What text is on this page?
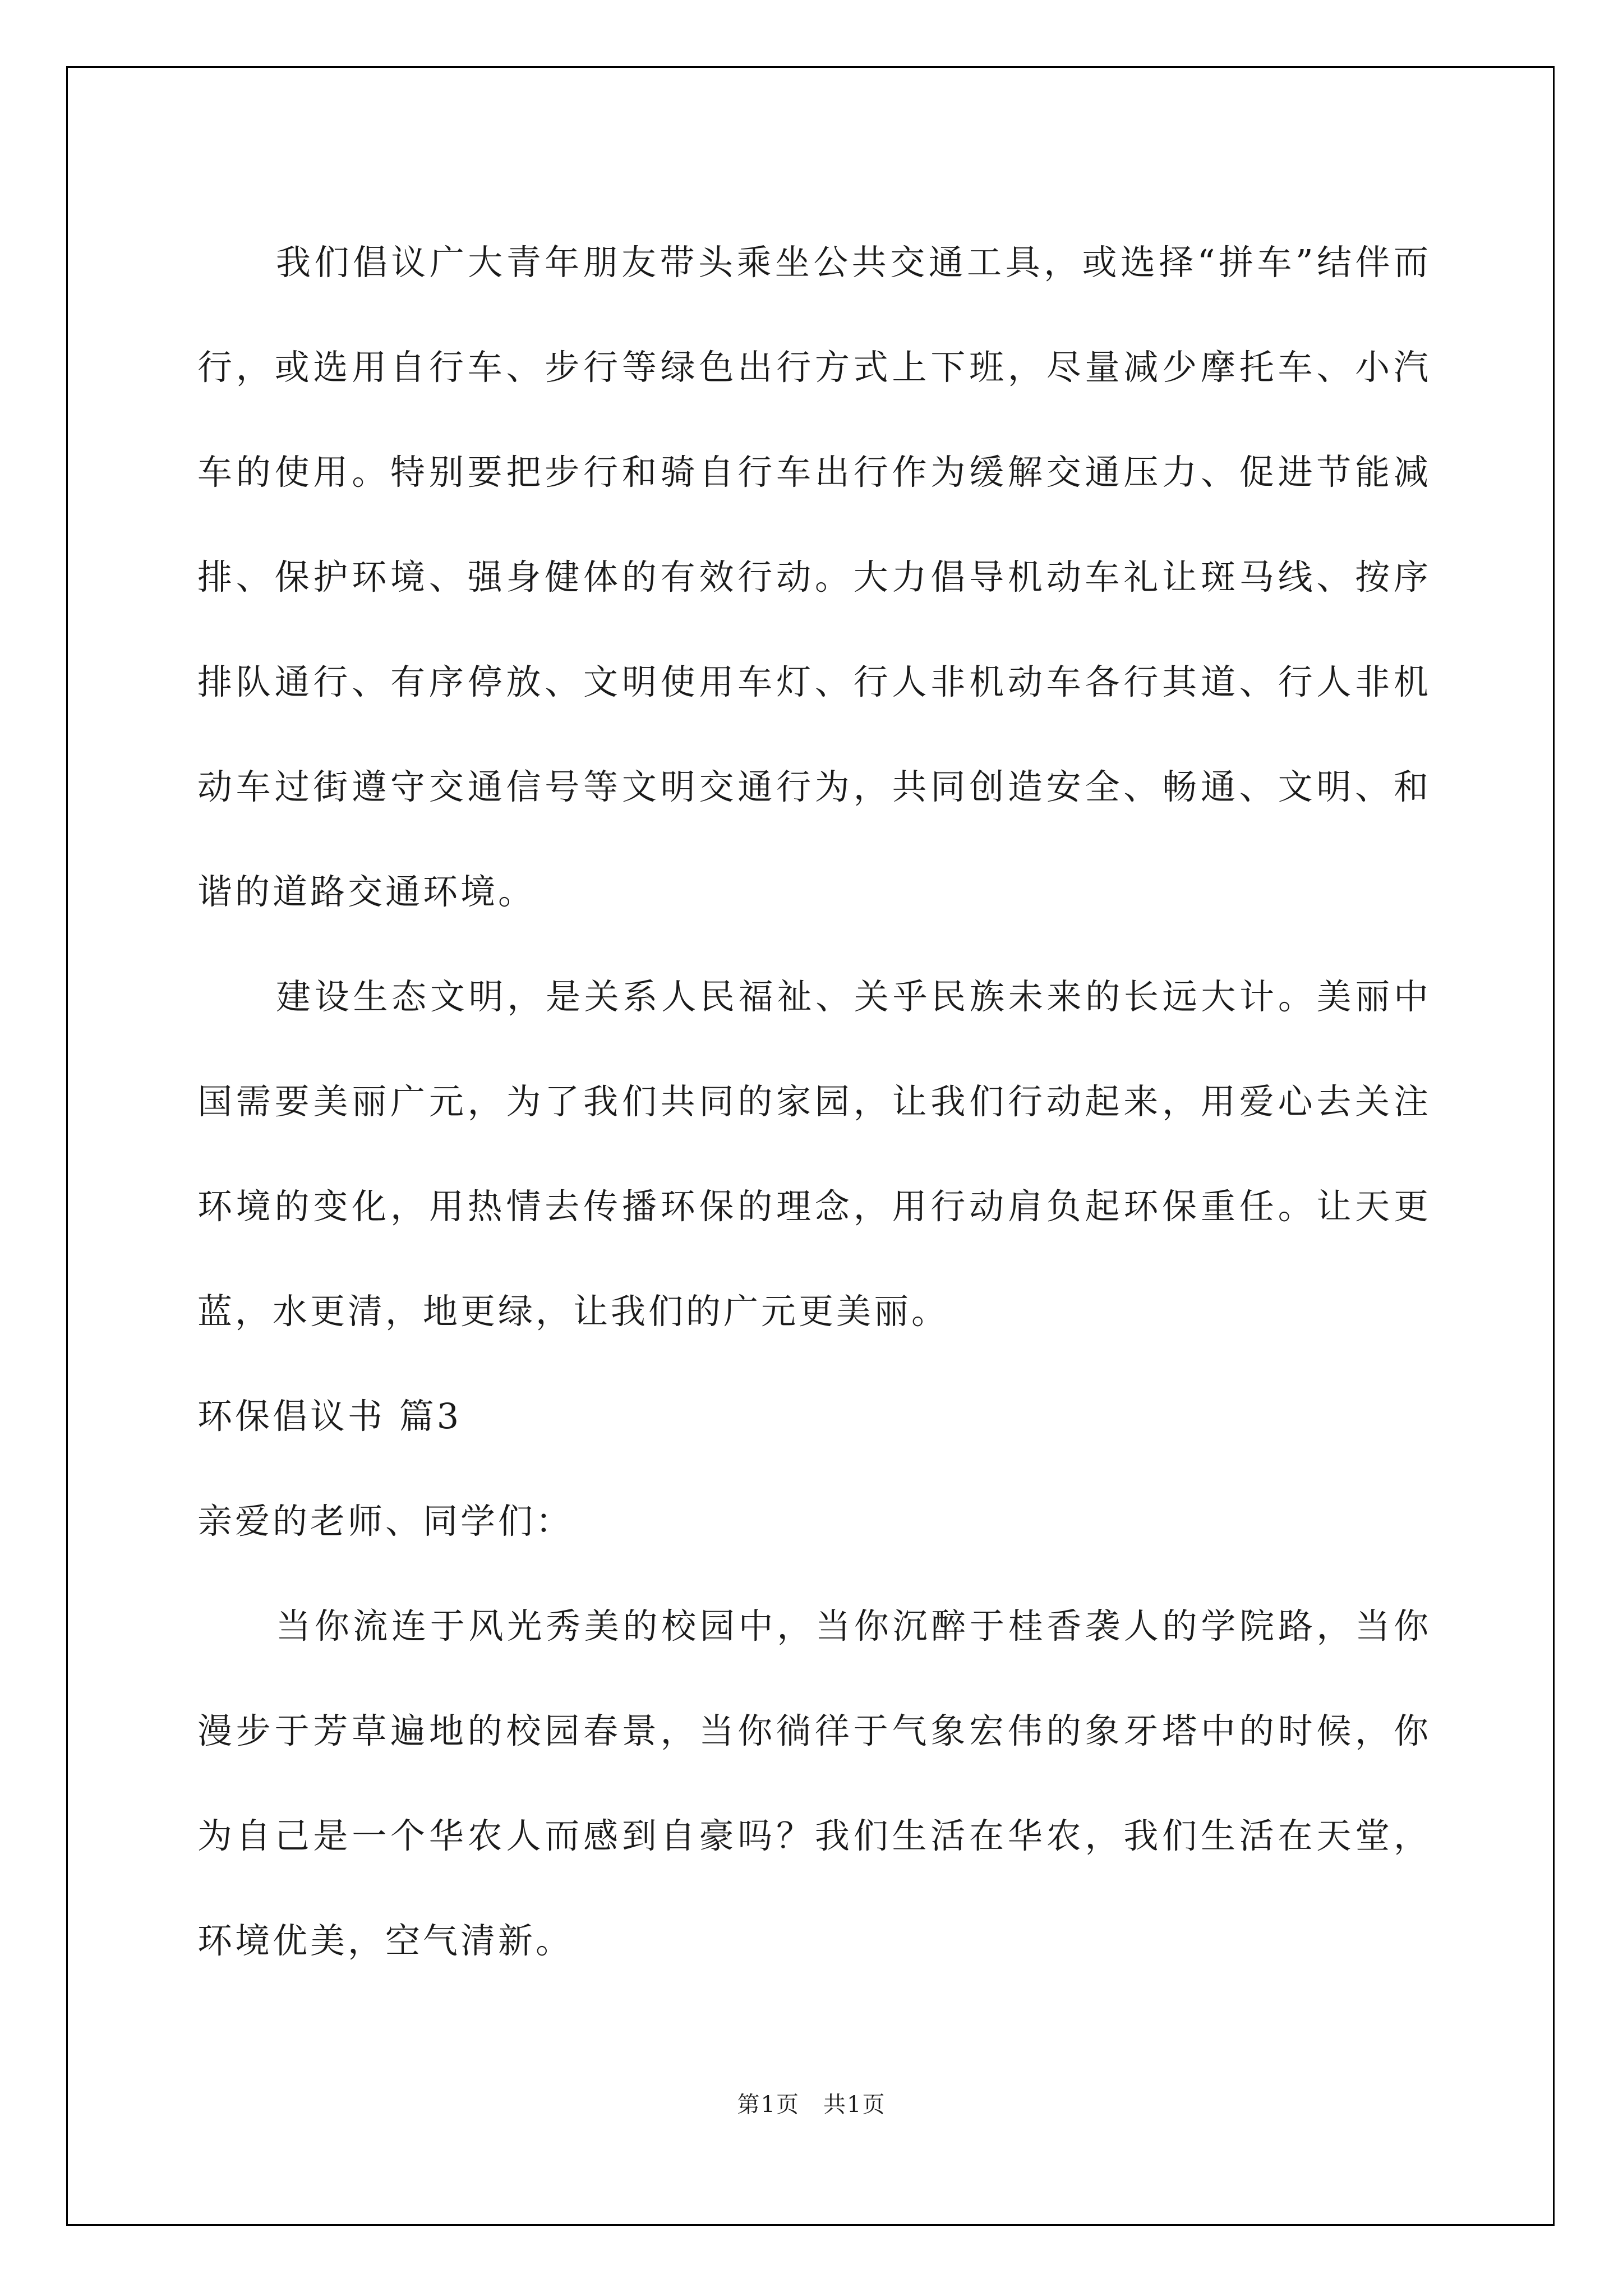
我们倡议广大青年朋友带头乘坐公共交通工具，或选择“拼车”结伴而行，或选用自行车、步行等绿色出行方式上下班，尽量减少摩托车、小汽车的使用。特别要把步行和骑自行车出行作为缓解交通压力、促进节能减排、保护环境、强身健体的有效行动。大力倡导机动车礼让斑马线、按序排队通行、有序停放、文明使用车灯、行人非机动车各行其道、行人非机动车过街遵守交通信号等文明交通行为，共同创造安全、畅通、文明、和谐的道路交通环境。

建设生态文明，是关系人民福祉、关乎民族未来的长远大计。美丽中国需要美丽广元，为了我们共同的家园，让我们行动起来，用爱心去关注环境的变化，用热情去传播环保的理念，用行动肩负起环保重任。让天更蓝，水更清，地更绿，让我们的广元更美丽。

环保倡议书 篇3

亲爱的老师、同学们：

当你流连于风光秀美的校园中，当你沉醉于桂香袭人的学院路，当你漫步于芳草遍地的校园春景，当你徜徉于气象宏伟的象牙塔中的时候，你为自己是一个华农人而感到自豪吗？我们生活在华农，我们生活在天堂，环境优美，空气清新。

第1页　共1页
